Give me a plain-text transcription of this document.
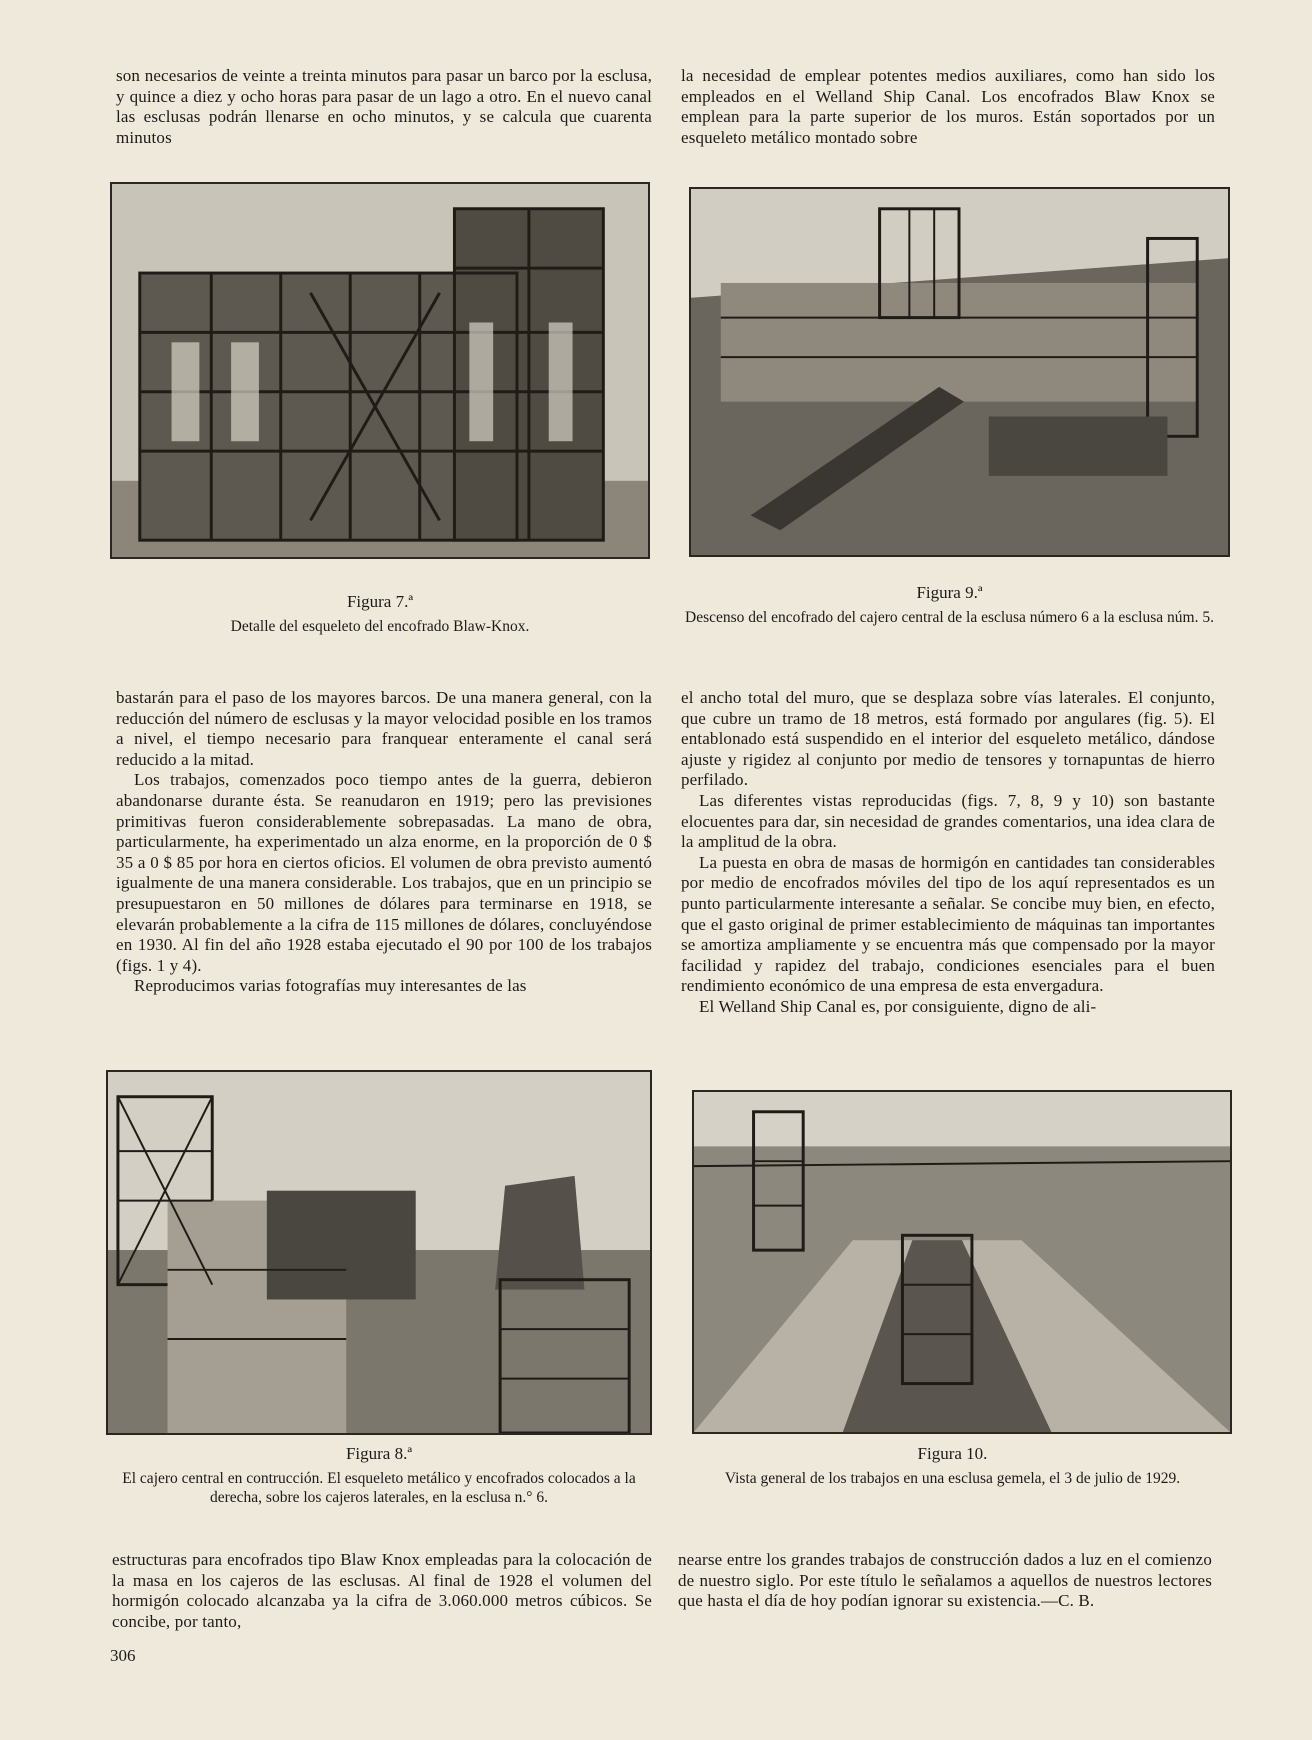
son necesarios de veinte a treinta minutos para pasar un barco por la esclusa, y quince a diez y ocho horas para pasar de un lago a otro. En el nuevo canal las esclusas podrán llenarse en ocho minutos, y se calcula que cuarenta minutos

la necesidad de emplear potentes medios auxiliares, como han sido los empleados en el Welland Ship Canal. Los encofrados Blaw Knox se emplean para la parte superior de los muros. Están soportados por un esqueleto metálico montado sobre

Figura 7.ª
Detalle del esqueleto del encofrado Blaw-Knox.
Figura 9.ª
Descenso del encofrado del cajero central de la esclusa número 6 a la esclusa núm. 5.

bastarán para el paso de los mayores barcos. De una manera general, con la reducción del número de esclusas y la mayor velocidad posible en los tramos a nivel, el tiempo necesario para franquear enteramente el canal será reducido a la mitad.

Los trabajos, comenzados poco tiempo antes de la guerra, debieron abandonarse durante ésta. Se reanudaron en 1919; pero las previsiones primitivas fueron considerablemente sobrepasadas. La mano de obra, particularmente, ha experimentado un alza enorme, en la proporción de 0 $ 35 a 0 $ 85 por hora en ciertos oficios. El volumen de obra previsto aumentó igualmente de una manera considerable. Los trabajos, que en un principio se presupuestaron en 50 millones de dólares para terminarse en 1918, se elevarán probablemente a la cifra de 115 millones de dólares, concluyéndose en 1930. Al fin del año 1928 estaba ejecutado el 90 por 100 de los trabajos (figs. 1 y 4).

Reproducimos varias fotografías muy interesantes de las

el ancho total del muro, que se desplaza sobre vías laterales. El conjunto, que cubre un tramo de 18 metros, está formado por angulares (fig. 5). El entablonado está suspendido en el interior del esqueleto metálico, dándose ajuste y rigidez al conjunto por medio de tensores y tornapuntas de hierro perfilado.

Las diferentes vistas reproducidas (figs. 7, 8, 9 y 10) son bastante elocuentes para dar, sin necesidad de grandes comentarios, una idea clara de la amplitud de la obra.

La puesta en obra de masas de hormigón en cantidades tan considerables por medio de encofrados móviles del tipo de los aquí representados es un punto particularmente interesante a señalar. Se concibe muy bien, en efecto, que el gasto original de primer establecimiento de máquinas tan importantes se amortiza ampliamente y se encuentra más que compensado por la mayor facilidad y rapidez del trabajo, condiciones esenciales para el buen rendimiento económico de una empresa de esta envergadura.

El Welland Ship Canal es, por consiguiente, digno de ali-

Figura 8.ª
El cajero central en contrucción. El esqueleto metálico y encofrados colocados a la derecha, sobre los cajeros laterales, en la esclusa n.° 6.
Figura 10.
Vista general de los trabajos en una esclusa gemela, el 3 de julio de 1929.

estructuras para encofrados tipo Blaw Knox empleadas para la colocación de la masa en los cajeros de las esclusas. Al final de 1928 el volumen del hormigón colocado alcanzaba ya la cifra de 3.060.000 metros cúbicos. Se concibe, por tanto,

nearse entre los grandes trabajos de construcción dados a luz en el comienzo de nuestro siglo. Por este título le señalamos a aquellos de nuestros lectores que hasta el día de hoy podían ignorar su existencia.—C. B.

306
